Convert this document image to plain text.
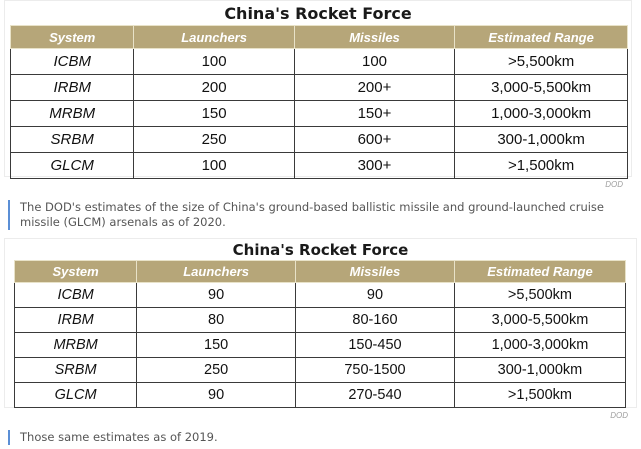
China's Rocket Force
System	Launchers	Missiles	Estimated Range
ICBM	100	100	>5,500km
IRBM	200	200+	3,000-5,500km
MRBM	150	150+	1,000-3,000km
SRBM	250	600+	300-1,000km
GLCM	100	300+	>1,500km
DOD
The DOD's estimates of the size of China's ground-based ballistic missile and ground-launched cruise missile (GLCM) arsenals as of 2020.
China's Rocket Force
System	Launchers	Missiles	Estimated Range
ICBM	90	90	>5,500km
IRBM	80	80-160	3,000-5,500km
MRBM	150	150-450	1,000-3,000km
SRBM	250	750-1500	300-1,000km
GLCM	90	270-540	>1,500km
DOD
Those same estimates as of 2019.
